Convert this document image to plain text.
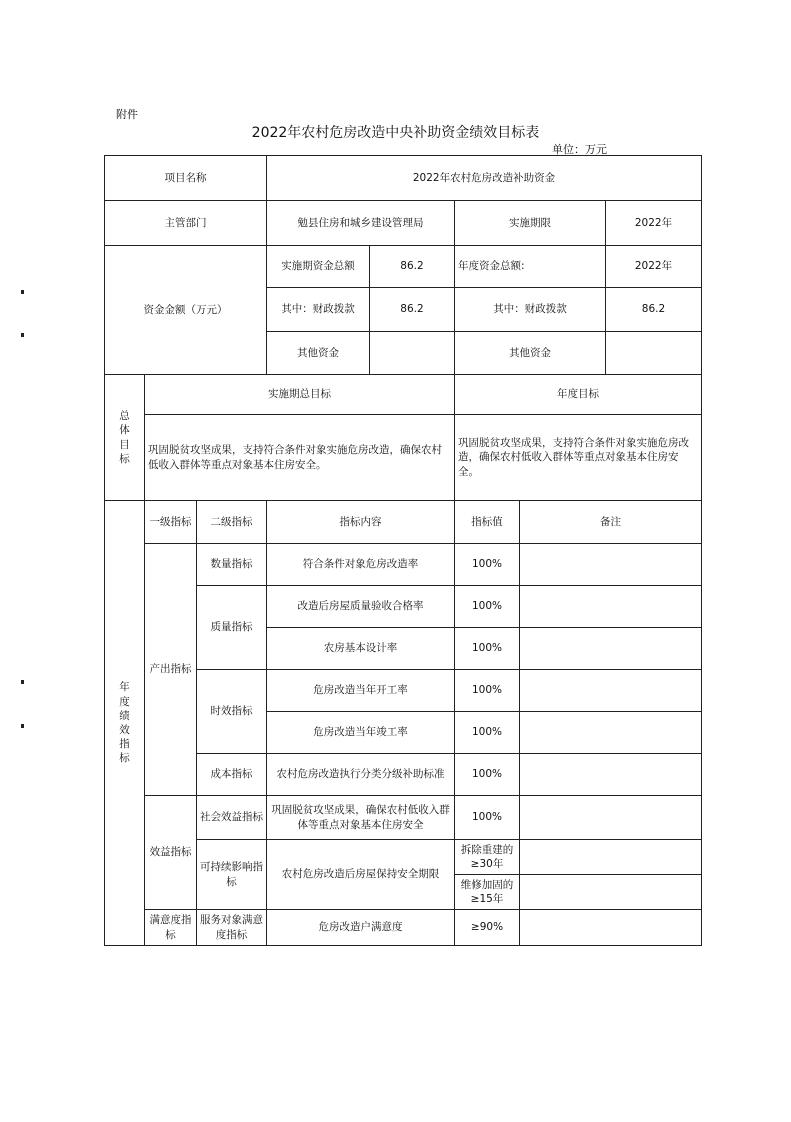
附件
2022年农村危房改造中央补助资金绩效目标表
单位：万元
项目名称			2022年农村危房改造补助资金				
主管部门			勉县住房和城乡建设管理局		实施期限		2022年
资金金额（万元）			实施期资金总额	86.2	年度资金总额:		2022年
			其中：财政拨款	86.2	其中：财政拨款		86.2
			其他资金		其他资金		
总体目标	实施期总目标				年度目标		
	巩固脱贫攻坚成果，支持符合条件对象实施危房改造，确保农村低收入群体等重点对象基本住房安全。				巩固脱贫攻坚成果，支持符合条件对象实施危房改造，确保农村低收入群体等重点对象基本住房安全。		
年度绩效指标	一级指标	二级指标	指标内容		指标值	备注	
	产出指标	数量指标	符合条件对象危房改造率		100%		
		质量指标	改造后房屋质量验收合格率		100%		
			农房基本设计率		100%		
		时效指标	危房改造当年开工率		100%		
			危房改造当年竣工率		100%		
		成本指标	农村危房改造执行分类分级补助标准		100%		
	效益指标	社会效益指标	巩固脱贫攻坚成果，确保农村低收入群体等重点对象基本住房安全		100%		
		可持续影响指标	农村危房改造后房屋保持安全期限		拆除重建的≥30年		
					维修加固的≥15年		
	满意度指标	服务对象满意度指标	危房改造户满意度		≥90%		
